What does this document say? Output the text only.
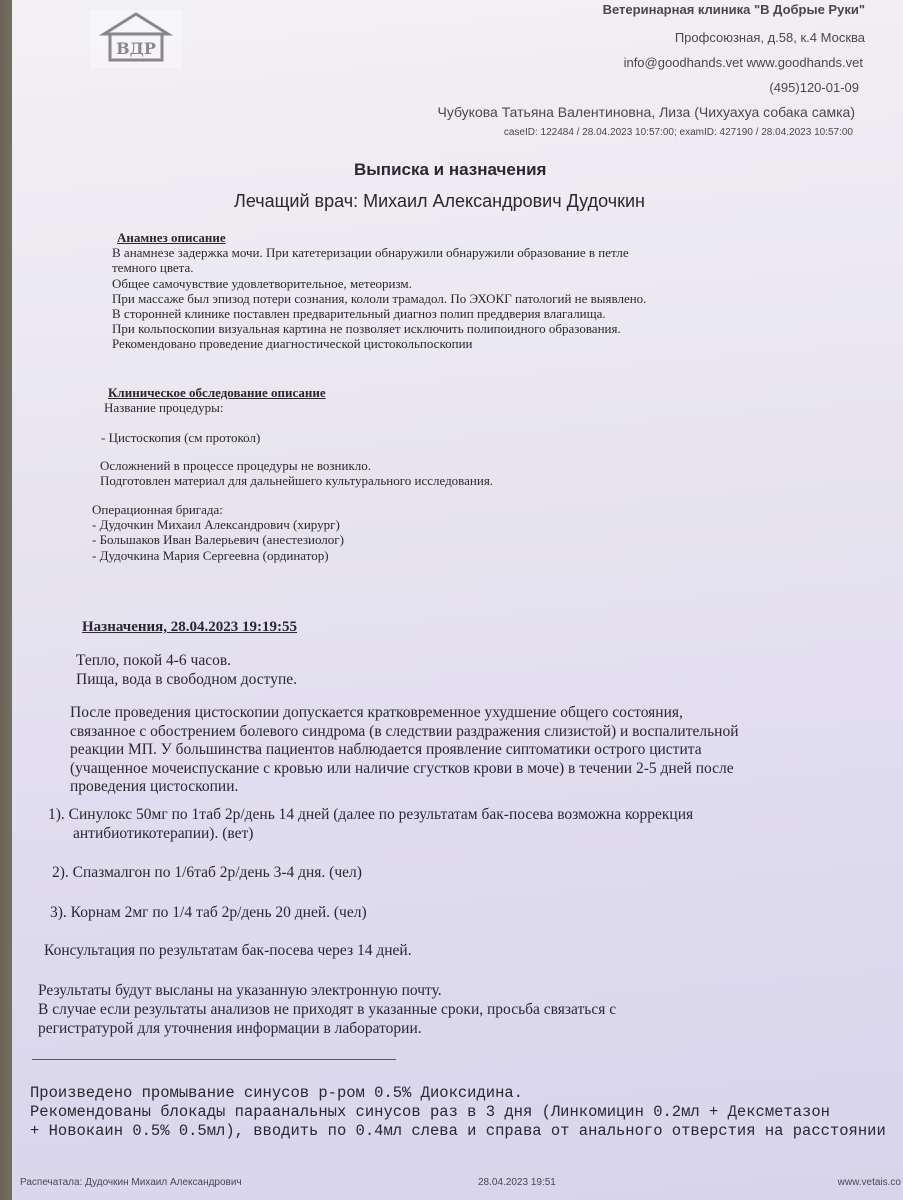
ВДР
Ветеринарная клиника "В Добрые Руки"
Профсоюзная, д.58, к.4 Москва
info@goodhands.vet www.goodhands.vet
(495)120-01-09
Чубукова Татьяна Валентиновна, Лиза (Чихуахуа собака самка)
caseID: 122484 / 28.04.2023 10:57:00; examID: 427190 / 28.04.2023 10:57:00
Выписка и назначения
Лечащий врач: Михаил Александрович Дудочкин
Анамнез описание
В анамнезе задержка мочи. При катетеризации обнаружили обнаружили образование в петле
темного цвета.
Общее самочувствие удовлетворительное, метеоризм.
При массаже был эпизод потери сознания, кололи трамадол. По ЭХОКГ патологий не выявлено.
В сторонней клинике поставлен предварительный диагноз полип преддверия влагалища.
При кольпоскопии визуальная картина не позволяет исключить полипоидного образования.
Рекомендовано проведение диагностической цистокольпоскопии
Клиническое обследование описание
Название процедуры:
- Цистоскопия (см протокол)
Осложнений в процессе процедуры не возникло.
Подготовлен материал для дальнейшего культурального исследования.
Операционная бригада:
- Дудочкин Михаил Александрович (хирург)
- Большаков Иван Валерьевич (анестезиолог)
- Дудочкина Мария Сергеевна (ординатор)
Назначения, 28.04.2023 19:19:55
Тепло, покой 4-6 часов.
Пища, вода в свободном доступе.
После проведения цистоскопии допускается кратковременное ухудшение общего состояния,
связанное с обострением болевого синдрома (в следствии раздражения слизистой) и воспалительной
реакции МП. У большинства пациентов наблюдается проявление сиптоматики острого цистита
(учащенное мочеиспускание с кровью или наличие сгустков крови в моче) в течении 2-5 дней после
проведения цистоскопии.
1). Синулокс 50мг по 1таб 2р/день 14 дней (далее по результатам бак-посева возможна коррекция
антибиотикотерапии). (вет)
2). Спазмалгон по 1/6таб 2р/день 3-4 дня. (чел)
3). Корнам 2мг по 1/4 таб 2р/день 20 дней. (чел)
Консультация по результатам бак-посева через 14 дней.
Результаты будут высланы на указанную электронную почту.
В случае если результаты анализов не приходят в указанные сроки, просьба связаться с
регистратурой для уточнения информации в лаборатории.
Произведено промывание синусов р-ром 0.5% Диоксидина.
Рекомендованы блокады параанальных синусов раз в 3 дня (Линкомицин 0.2мл + Дексметазон
+ Новокаин 0.5% 0.5мл), вводить по 0.4мл слева и справа от анального отверстия на расстоянии
Распечатала: Дудочкин Михаил Александрович	28.04.2023 19:51	www.vetais.co
